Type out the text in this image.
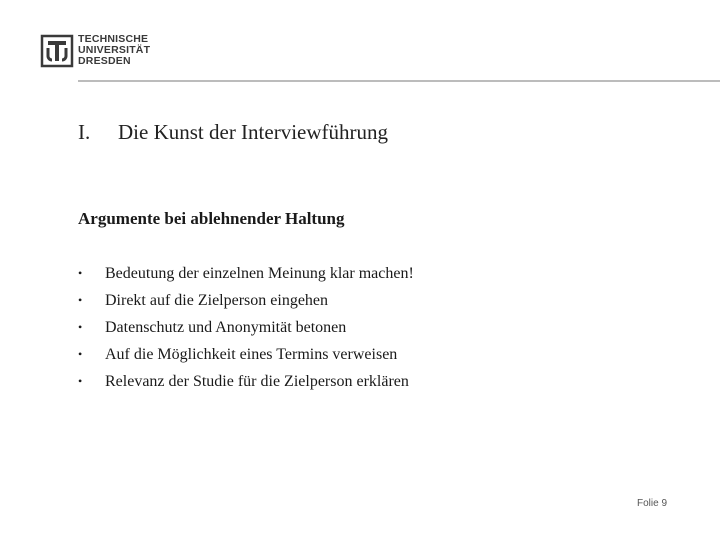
TECHNISCHE
UNIVERSITÄT
DRESDEN
I. Die Kunst der Interviewführung
Argumente bei ablehnender Haltung
•	Bedeutung der einzelnen Meinung klar machen!
•	Direkt auf die Zielperson eingehen
•	Datenschutz und Anonymität betonen
•	Auf die Möglichkeit eines Termins verweisen
•	Relevanz der Studie für die Zielperson erklären
Folie 9
